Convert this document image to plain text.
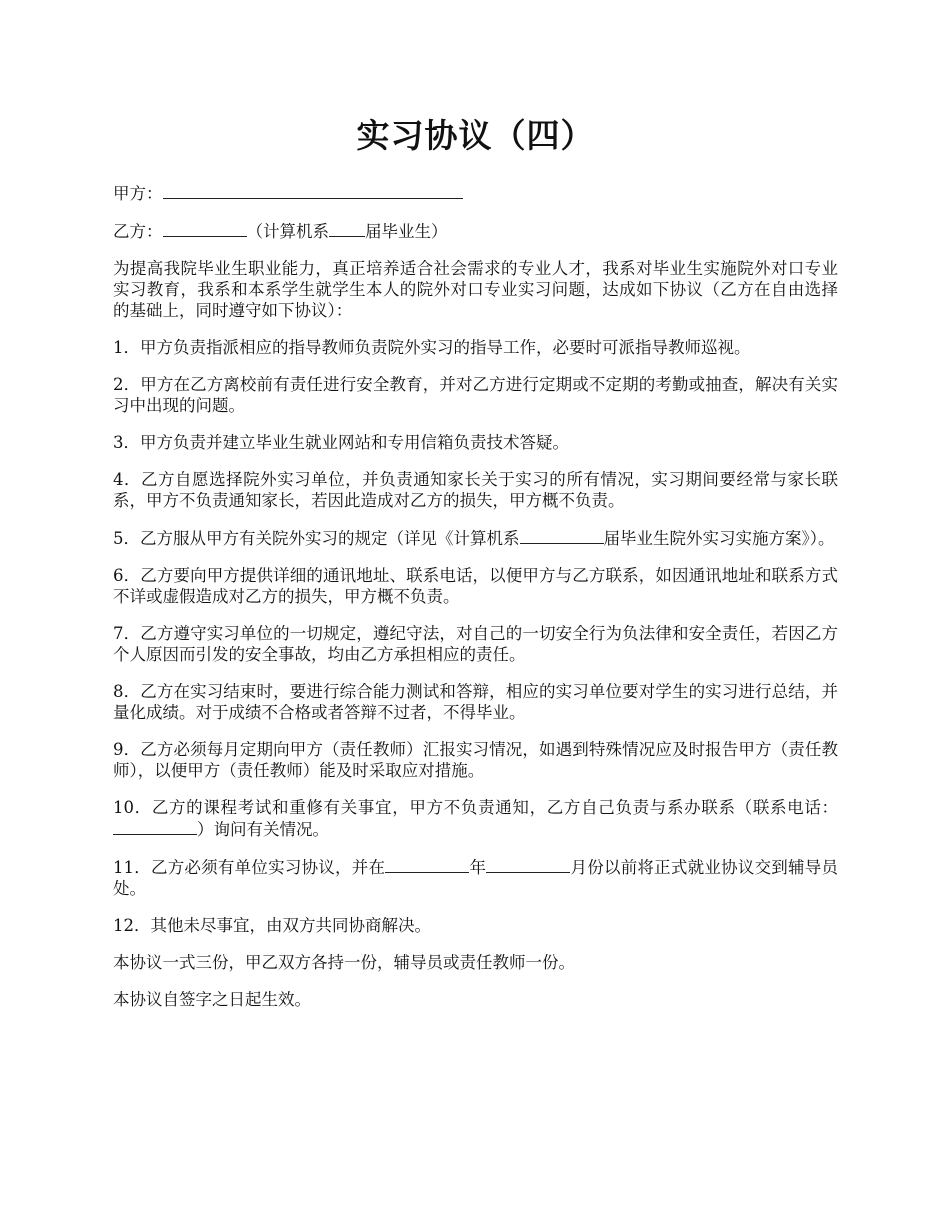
实习协议（四）

甲方：

乙方：	（计算机系 届毕业生）

为提高我院毕业生职业能力，真正培养适合社会需求的专业人才，我系对毕业生实施院外对口专业实习教育，我系和本系学生就学生本人的院外对口专业实习问题，达成如下协议（乙方在自由选择的基础上，同时遵守如下协议）：

1．甲方负责指派相应的指导教师负责院外实习的指导工作，必要时可派指导教师巡视。

2．甲方在乙方离校前有责任进行安全教育，并对乙方进行定期或不定期的考勤或抽查，解决有关实习中出现的问题。

3．甲方负责并建立毕业生就业网站和专用信箱负责技术答疑。

4．乙方自愿选择院外实习单位，并负责通知家长关于实习的所有情况，实习期间要经常与家长联系，甲方不负责通知家长，若因此造成对乙方的损失，甲方概不负责。

5．乙方服从甲方有关院外实习的规定（详见《计算机系	届毕业生院外实习实施方案》）。

6．乙方要向甲方提供详细的通讯地址、联系电话，以便甲方与乙方联系，如因通讯地址和联系方式不详或虚假造成对乙方的损失，甲方概不负责。

7．乙方遵守实习单位的一切规定，遵纪守法，对自己的一切安全行为负法律和安全责任，若因乙方个人原因而引发的安全事故，均由乙方承担相应的责任。

8．乙方在实习结束时，要进行综合能力测试和答辩，相应的实习单位要对学生的实习进行总结，并量化成绩。对于成绩不合格或者答辩不过者，不得毕业。

9．乙方必须每月定期向甲方（责任教师）汇报实习情况，如遇到特殊情况应及时报告甲方（责任教师），以便甲方（责任教师）能及时采取应对措施。

10．乙方的课程考试和重修有关事宜，甲方不负责通知，乙方自己负责与系办联系（联系电话：）询问有关情况。

11．乙方必须有单位实习协议，并在	年	月份以前将正式就业协议交到辅导员处。

12．其他未尽事宜，由双方共同协商解决。

本协议一式三份，甲乙双方各持一份，辅导员或责任教师一份。

本协议自签字之日起生效。
